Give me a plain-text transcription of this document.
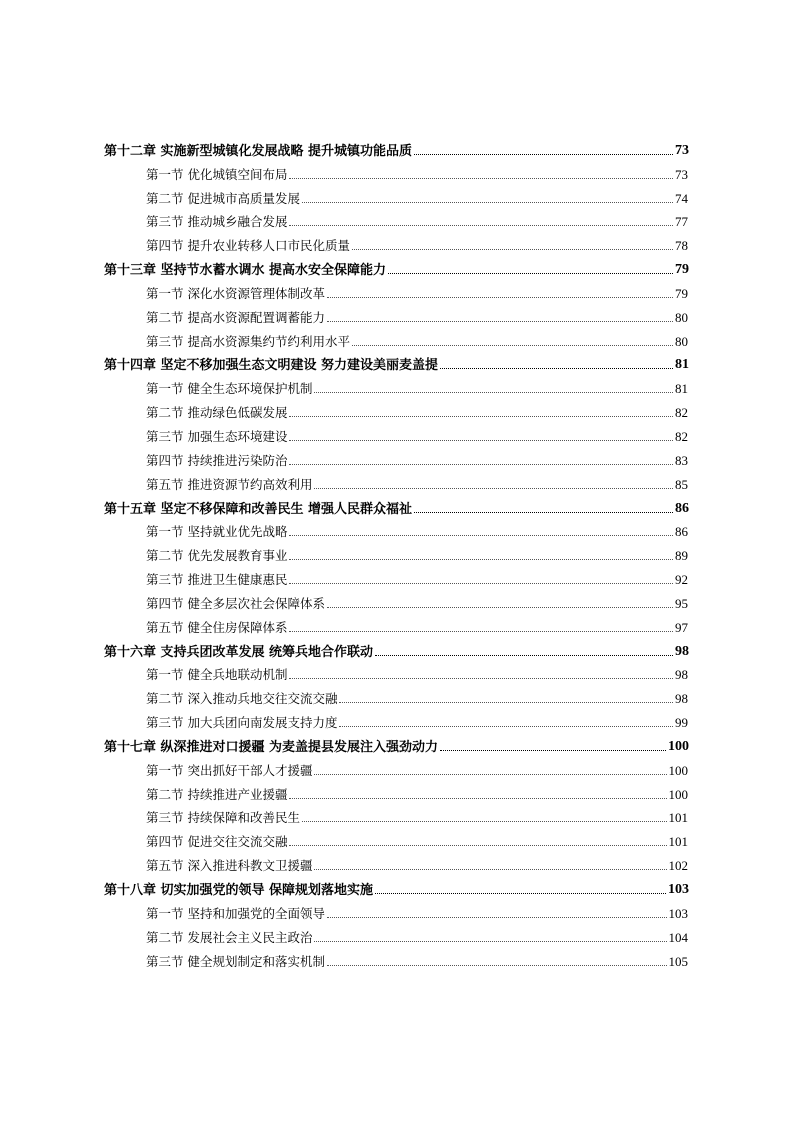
第十二章 实施新型城镇化发展战略 提升城镇功能品质	73
第一节 优化城镇空间布局	73
第二节 促进城市高质量发展	74
第三节 推动城乡融合发展	77
第四节 提升农业转移人口市民化质量	78
第十三章 坚持节水蓄水调水 提高水安全保障能力	79
第一节 深化水资源管理体制改革	79
第二节 提高水资源配置调蓄能力	80
第三节 提高水资源集约节约利用水平	80
第十四章 坚定不移加强生态文明建设 努力建设美丽麦盖提	81
第一节 健全生态环境保护机制	81
第二节 推动绿色低碳发展	82
第三节 加强生态环境建设	82
第四节 持续推进污染防治	83
第五节 推进资源节约高效利用	85
第十五章 坚定不移保障和改善民生 增强人民群众福祉	86
第一节 坚持就业优先战略	86
第二节 优先发展教育事业	89
第三节 推进卫生健康惠民	92
第四节 健全多层次社会保障体系	95
第五节 健全住房保障体系	97
第十六章 支持兵团改革发展 统筹兵地合作联动	98
第一节 健全兵地联动机制	98
第二节 深入推动兵地交往交流交融	98
第三节 加大兵团向南发展支持力度	99
第十七章 纵深推进对口援疆 为麦盖提县发展注入强劲动力	100
第一节 突出抓好干部人才援疆	100
第二节 持续推进产业援疆	100
第三节 持续保障和改善民生	101
第四节 促进交往交流交融	101
第五节 深入推进科教文卫援疆	102
第十八章 切实加强党的领导 保障规划落地实施	103
第一节 坚持和加强党的全面领导	103
第二节 发展社会主义民主政治	104
第三节 健全规划制定和落实机制	105
